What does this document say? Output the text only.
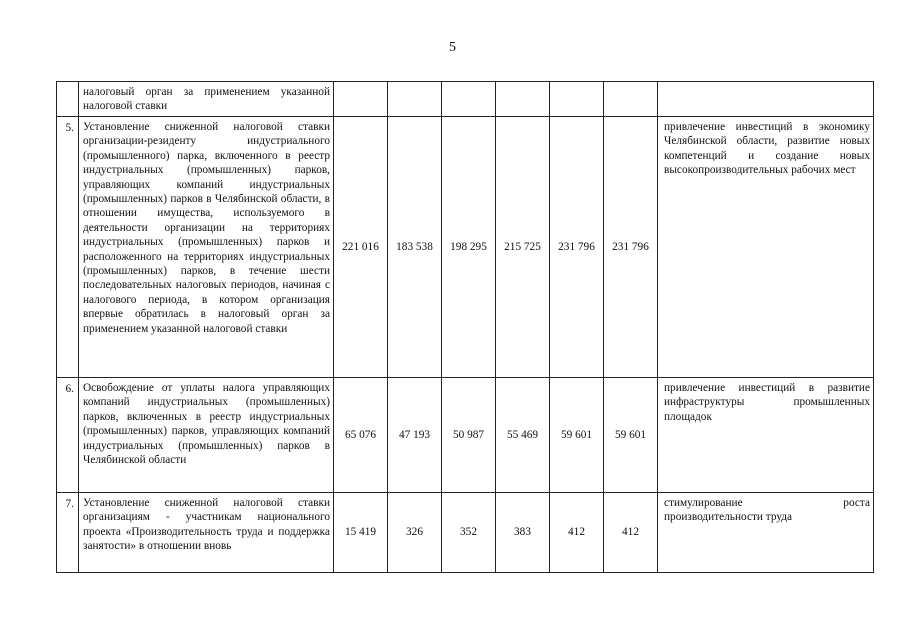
5
	налоговый орган за применением указанной налоговой ставки							
5.	Установление сниженной налоговой ставки организации-резиденту индустриального (промышленного) парка, включенного в реестр индустриальных (промышленных) парков, управляющих компаний индустриальных (промышленных) парков в Челябинской области, в отношении имущества, используемого в деятельности организации на территориях индустриальных (промышленных) парков и расположенного на территориях индустриальных (промышленных) парков, в течение шести последовательных налоговых периодов, начиная с налогового периода, в котором организация впервые обратилась в налоговый орган за применением указанной налоговой ставки	221 016	183 538	198 295	215 725	231 796	231 796	привлечение инвестиций в экономику Челябинской области, развитие новых компетенций и создание новых высокопроизводительных рабочих мест
6.	Освобождение от уплаты налога управляющих компаний индустриальных (промышленных) парков, включенных в реестр индустриальных (промышленных) парков, управляющих компаний индустриальных (промышленных) парков в Челябинской области	65 076	47 193	50 987	55 469	59 601	59 601	привлечение инвестиций в развитие инфраструктуры промышленных площадок
7.	Установление сниженной налоговой ставки организациям - участникам национального проекта «Производительность труда и поддержка занятости» в отношении вновь	15 419	326	352	383	412	412	стимулирование роста производительности труда
